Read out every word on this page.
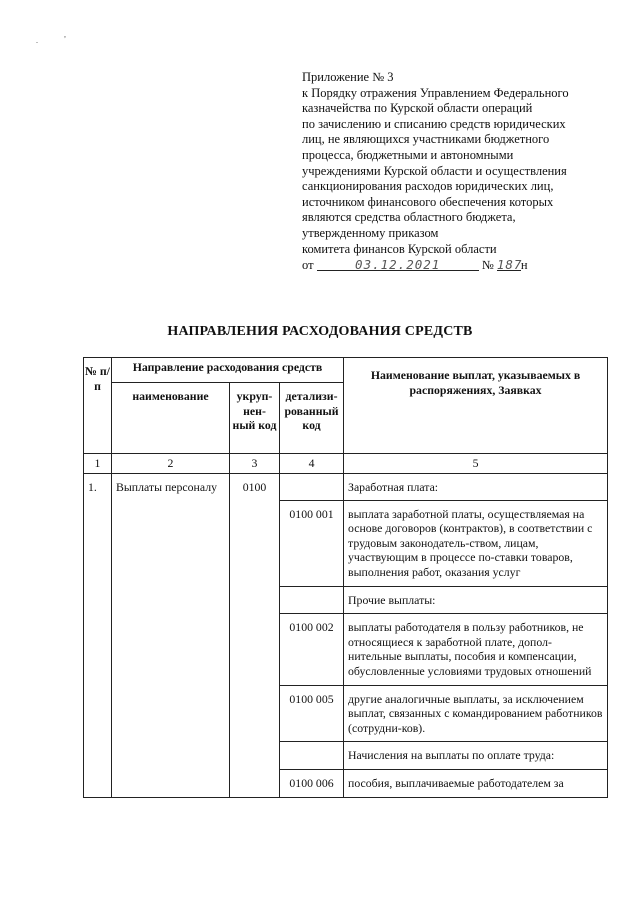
.
,
Приложение № 3
к Порядку отражения Управлением Федерального
казначейства по Курской области операций
по зачислению и списанию средств юридических
лиц, не являющихся участниками бюджетного
процесса, бюджетными и автономными
учреждениями Курской области и осуществления
санкционирования расходов юридических лиц,
источником финансового обеспечения которых
являются средства областного бюджета,
утвержденному приказом
комитета финансов Курской области
от	03.12.2021	№ 187н
НАПРАВЛЕНИЯ РАСХОДОВАНИЯ СРЕДСТВ
№ п/п	Направление расходования средств			Наименование выплат, указываемых в распоряжениях, Заявках
	наименование	укруп-нен-ный код	детализи-рованный код	
1	2	3	4	5
1.	Выплаты персоналу	0100		Заработная плата:
			0100 001	выплата заработной платы, осуществляемая на основе договоров (контрактов), в соответствии с трудовым законодатель-ством, лицам, участвующим в процессе по-ставки товаров, выполнения работ, оказания услуг
				Прочие выплаты:
			0100 002	выплаты работодателя в пользу работников, не относящиеся к заработной плате, допол-нительные выплаты, пособия и компенсации, обусловленные условиями трудовых отношений
			0100 005	другие аналогичные выплаты, за исключением выплат, связанных с командированием работников (сотрудни-ков).
				Начисления на выплаты по оплате труда:
			0100 006	пособия, выплачиваемые работодателем за
